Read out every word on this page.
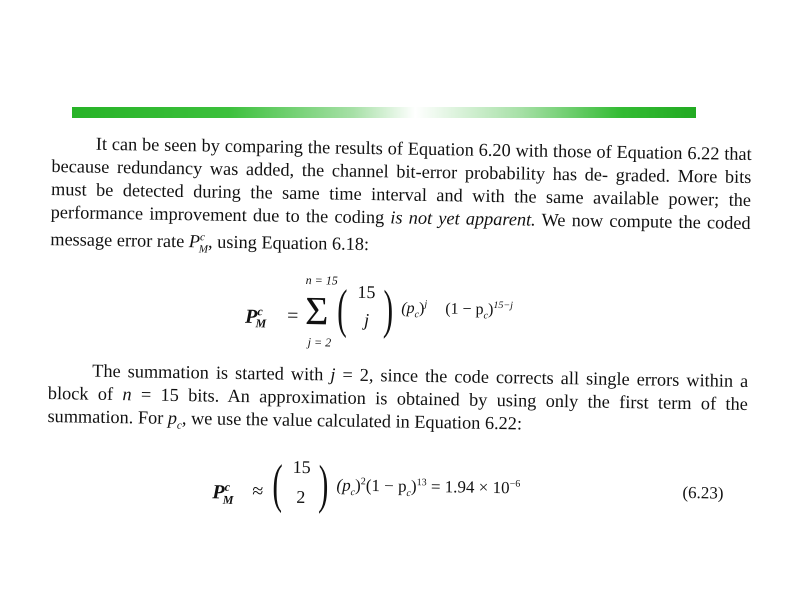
It can be seen by comparing the results of Equation 6.20 with those of Equation 6.22 that because redundancy was added, the channel bit-error probability has de- graded. More bits must be detected during the same time interval and with the same available power; the performance improvement due to the coding is not yet apparent. We now compute the coded message error rate $P^c_M$, using Equation 6.18:

$P^c_M$ =
n = 15
Σ
j = 2
( 15
j ) $(p_c)^j$ $(1 - p_c)^{15-j}$

The summation is started with j = 2, since the code corrects all single errors within a block of n = 15 bits. An approximation is obtained by using only the first term of the summation. For $p_c$, we use the value calculated in Equation 6.22:

$P^c_M$ ≈ ( 15
2 ) $(p_c)^2(1 - p_c)^{13} = 1.94 \times 10^{-6}$	(6.23)
